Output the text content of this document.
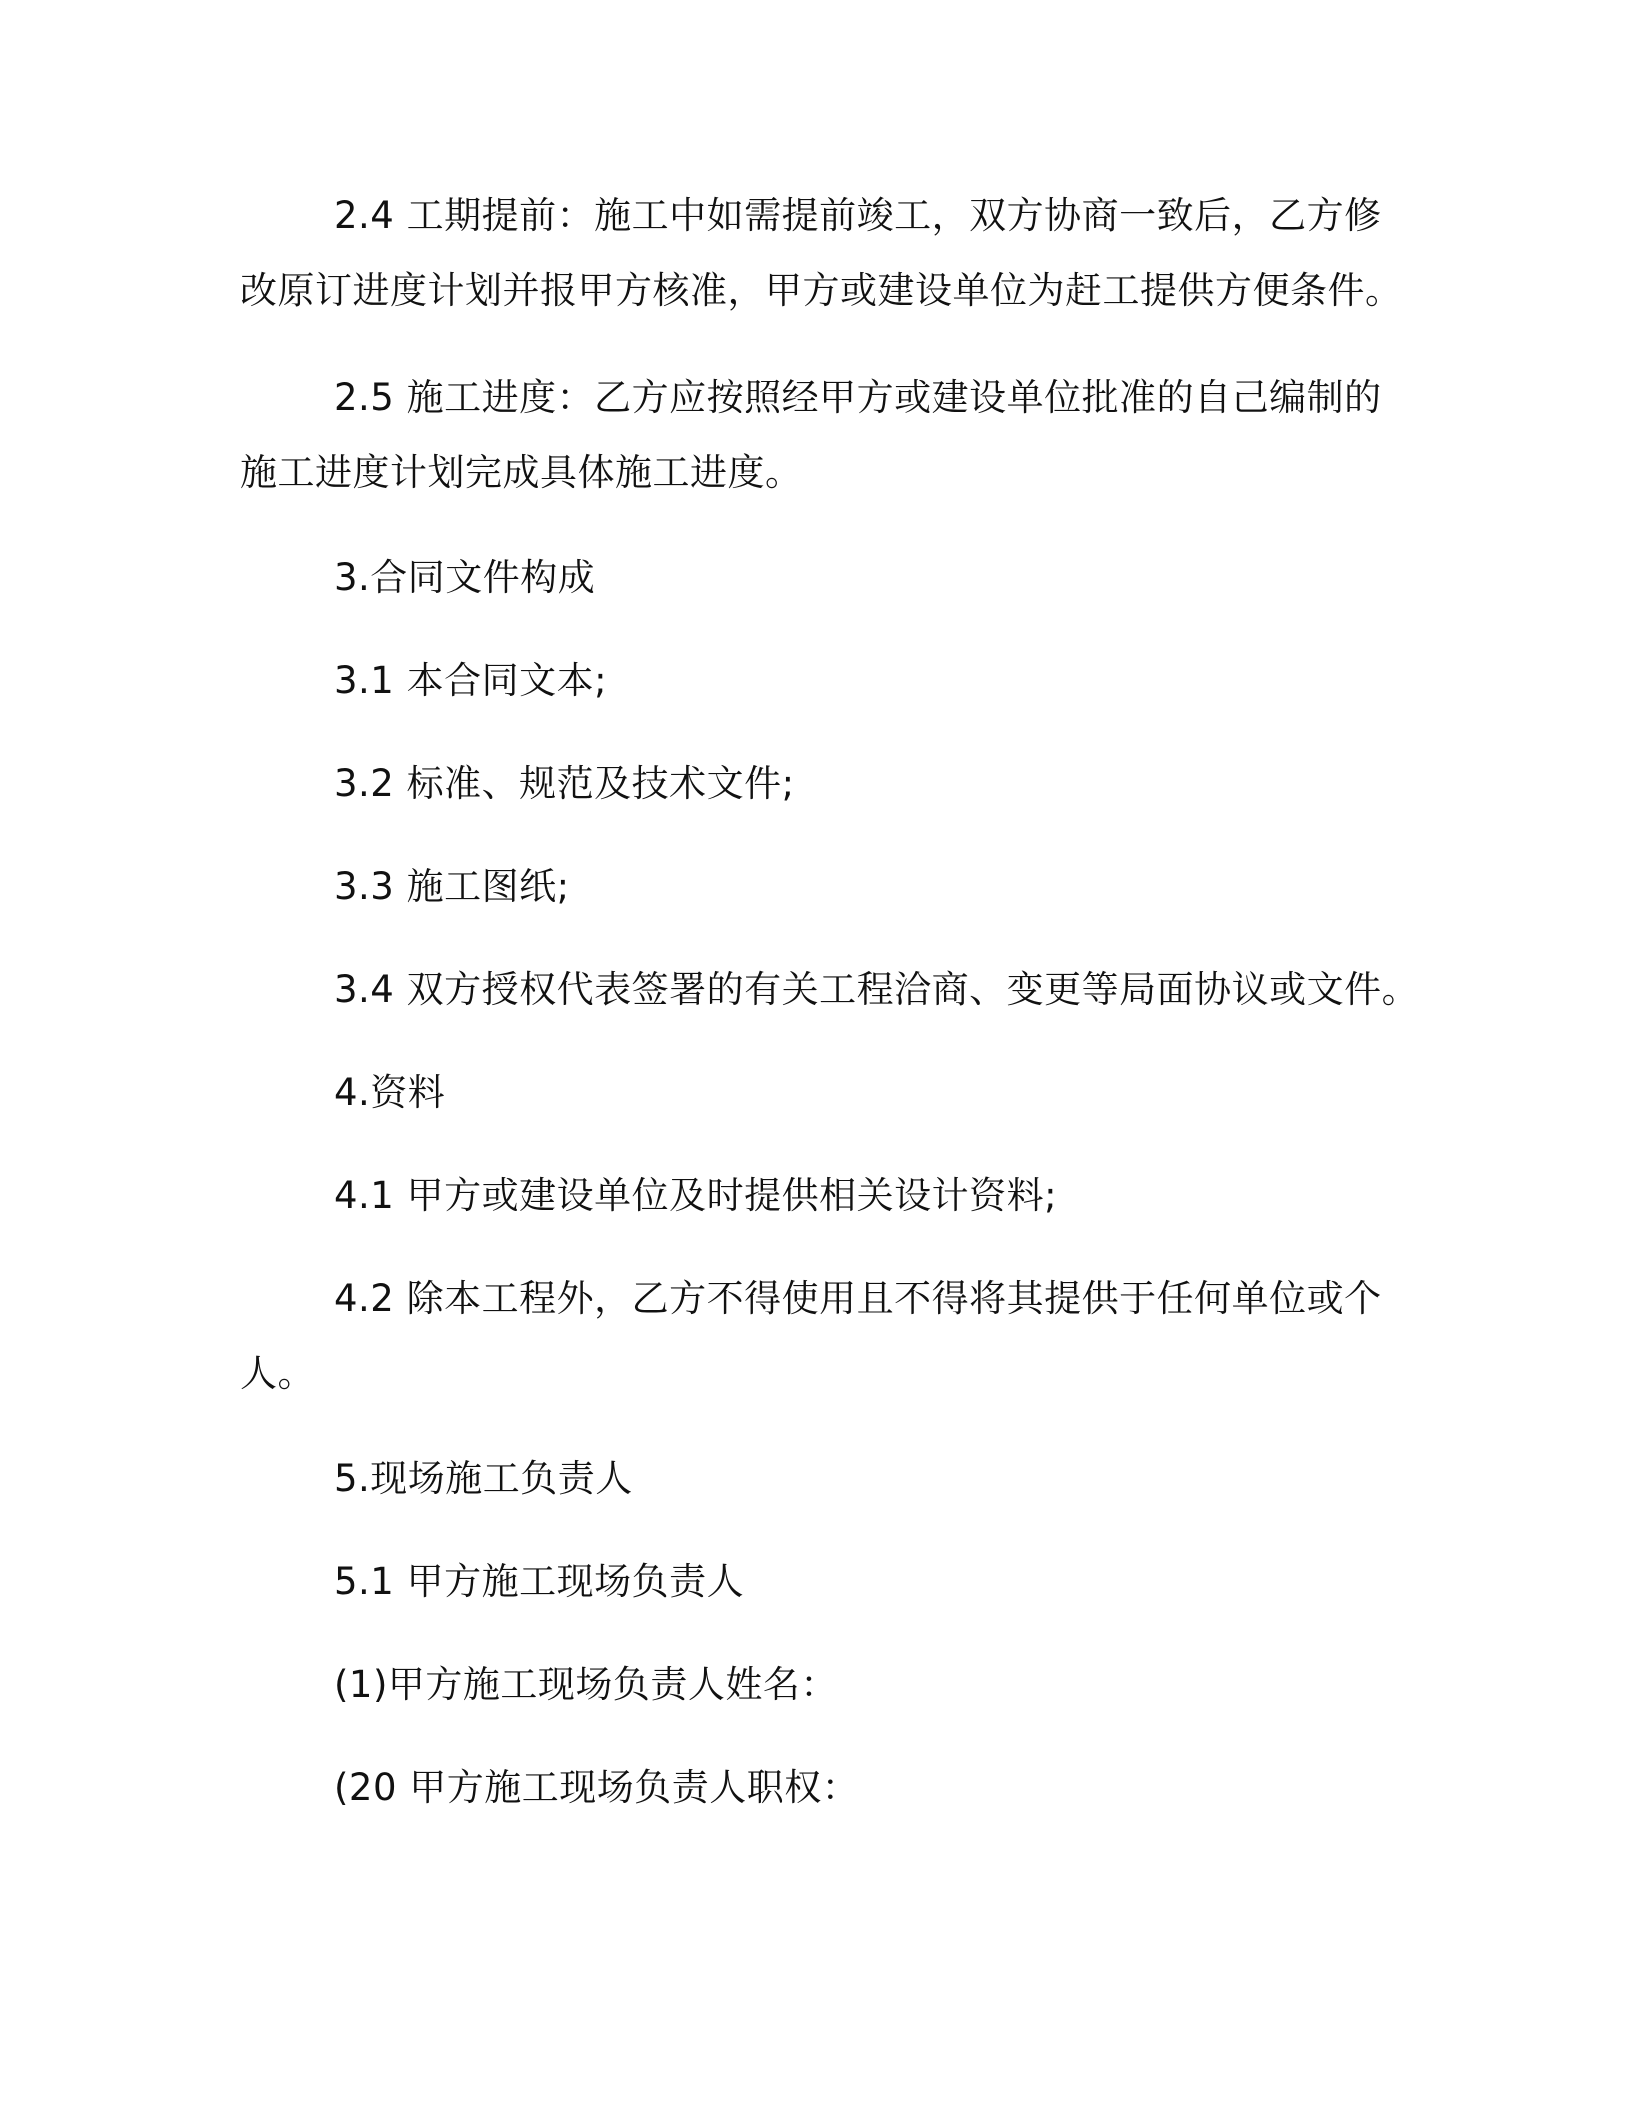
2.4 工期提前：施工中如需提前竣工，双方协商一致后，乙方修
改原订进度计划并报甲方核准，甲方或建设单位为赶工提供方便条件。
2.5 施工进度：乙方应按照经甲方或建设单位批准的自己编制的
施工进度计划完成具体施工进度。
3.合同文件构成
3.1 本合同文本;
3.2 标准、规范及技术文件;
3.3 施工图纸;
3.4 双方授权代表签署的有关工程洽商、变更等局面协议或文件。
4.资料
4.1 甲方或建设单位及时提供相关设计资料;
4.2 除本工程外，乙方不得使用且不得将其提供于任何单位或个
人。
5.现场施工负责人
5.1 甲方施工现场负责人
(1)甲方施工现场负责人姓名：
(20 甲方施工现场负责人职权：
